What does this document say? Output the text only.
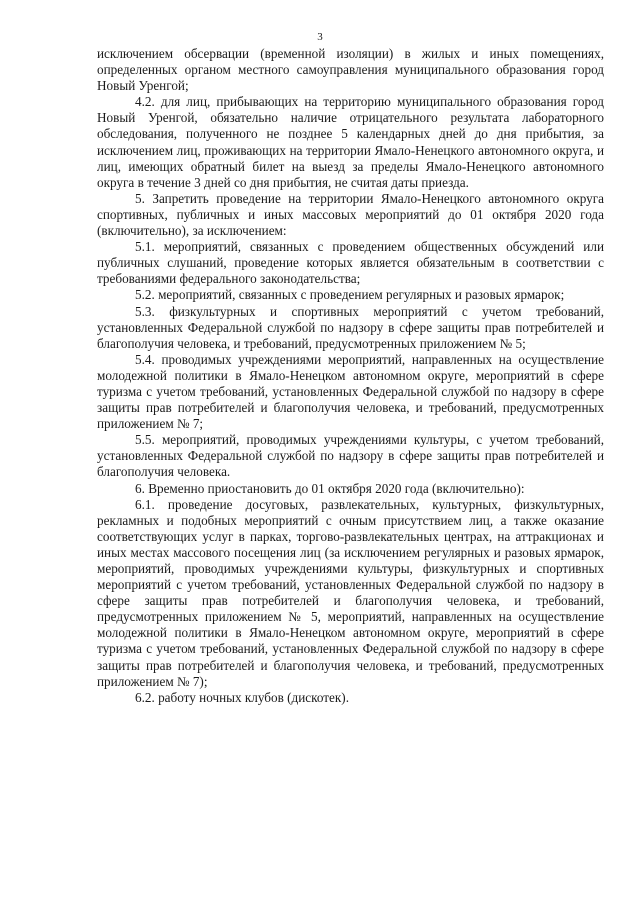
3

исключением обсервации (временной изоляции) в жилых и иных помещениях, определенных органом местного самоуправления муниципального образования город Новый Уренгой;

4.2. для лиц, прибывающих на территорию муниципального образования город Новый Уренгой, обязательно наличие отрицательного результата лабораторного обследования, полученного не позднее 5 календарных дней до дня прибытия, за исключением лиц, проживающих на территории Ямало-Ненецкого автономного округа, и лиц, имеющих обратный билет на выезд за пределы Ямало-Ненецкого автономного округа в течение 3 дней со дня прибытия, не считая даты приезда.

5. Запретить проведение на территории Ямало-Ненецкого автономного округа спортивных, публичных и иных массовых мероприятий до 01 октября 2020 года (включительно), за исключением:

5.1. мероприятий, связанных с проведением общественных обсуждений или публичных слушаний, проведение которых является обязательным в соответствии с требованиями федерального законодательства;

5.2. мероприятий, связанных с проведением регулярных и разовых ярмарок;

5.3. физкультурных и спортивных мероприятий с учетом требований, установленных Федеральной службой по надзору в сфере защиты прав потребителей и благополучия человека, и требований, предусмотренных приложением № 5;

5.4. проводимых учреждениями мероприятий, направленных на осуществление молодежной политики в Ямало-Ненецком автономном округе, мероприятий в сфере туризма с учетом требований, установленных Федеральной службой по надзору в сфере защиты прав потребителей и благополучия человека, и требований, предусмотренных приложением № 7;

5.5. мероприятий, проводимых учреждениями культуры, с учетом требований, установленных Федеральной службой по надзору в сфере защиты прав потребителей и благополучия человека.

6. Временно приостановить до 01 октября 2020 года (включительно):

6.1. проведение досуговых, развлекательных, культурных, физкультурных, рекламных и подобных мероприятий с очным присутствием лиц, а также оказание соответствующих услуг в парках, торгово-развлекательных центрах, на аттракционах и иных местах массового посещения лиц (за исключением регулярных и разовых ярмарок, мероприятий, проводимых учреждениями культуры, физкультурных и спортивных мероприятий с учетом требований, установленных Федеральной службой по надзору в сфере защиты прав потребителей и благополучия человека, и требований, предусмотренных приложением № 5, мероприятий, направленных на осуществление молодежной политики в Ямало-Ненецком автономном округе, мероприятий в сфере туризма с учетом требований, установленных Федеральной службой по надзору в сфере защиты прав потребителей и благополучия человека, и требований, предусмотренных приложением № 7);

6.2. работу ночных клубов (дискотек).
